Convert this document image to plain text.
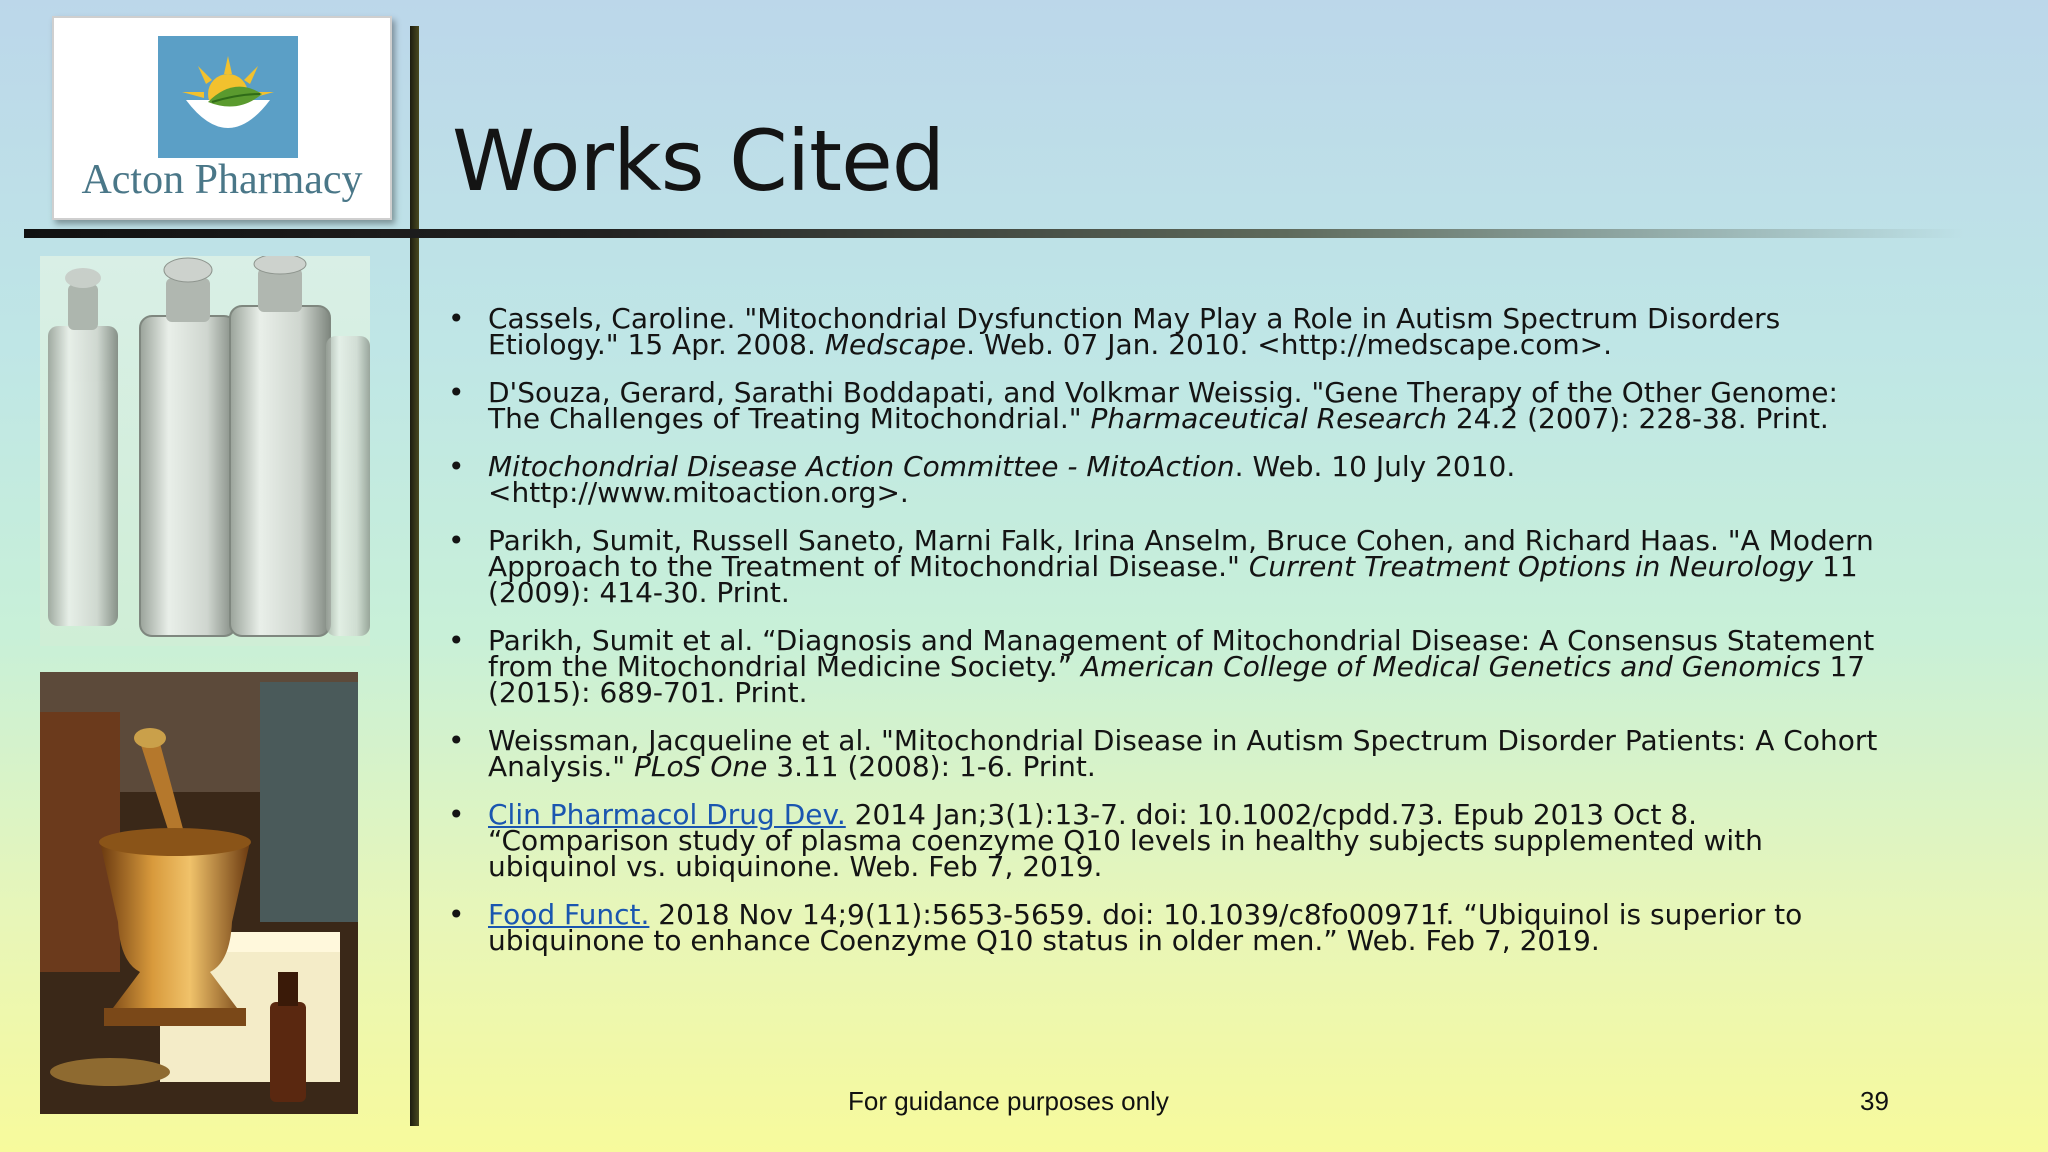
Acton Pharmacy	Works Cited
• Cassels, Caroline. "Mitochondrial Dysfunction May Play a Role in Autism Spectrum Disorders Etiology." 15 Apr. 2008. Medscape. Web. 07 Jan. 2010. <http://medscape.com>.
• D'Souza, Gerard, Sarathi Boddapati, and Volkmar Weissig. "Gene Therapy of the Other Genome: The Challenges of Treating Mitochondrial." Pharmaceutical Research 24.2 (2007): 228-38. Print.
• Mitochondrial Disease Action Committee - MitoAction. Web. 10 July 2010. <http://www.mitoaction.org>.
• Parikh, Sumit, Russell Saneto, Marni Falk, Irina Anselm, Bruce Cohen, and Richard Haas. "A Modern Approach to the Treatment of Mitochondrial Disease." Current Treatment Options in Neurology 11 (2009): 414-30. Print.
• Parikh, Sumit et al. “Diagnosis and Management of Mitochondrial Disease: A Consensus Statement from the Mitochondrial Medicine Society.” American College of Medical Genetics and Genomics 17 (2015): 689-701. Print.
• Weissman, Jacqueline et al. "Mitochondrial Disease in Autism Spectrum Disorder Patients: A Cohort Analysis." PLoS One 3.11 (2008): 1-6. Print.
• Clin Pharmacol Drug Dev. 2014 Jan;3(1):13-7. doi: 10.1002/cpdd.73. Epub 2013 Oct 8. “Comparison study of plasma coenzyme Q10 levels in healthy subjects supplemented with ubiquinol vs. ubiquinone. Web. Feb 7, 2019.
• Food Funct. 2018 Nov 14;9(11):5653-5659. doi: 10.1039/c8fo00971f. “Ubiquinol is superior to ubiquinone to enhance Coenzyme Q10 status in older men.” Web. Feb 7, 2019.
For guidance purposes only	39
